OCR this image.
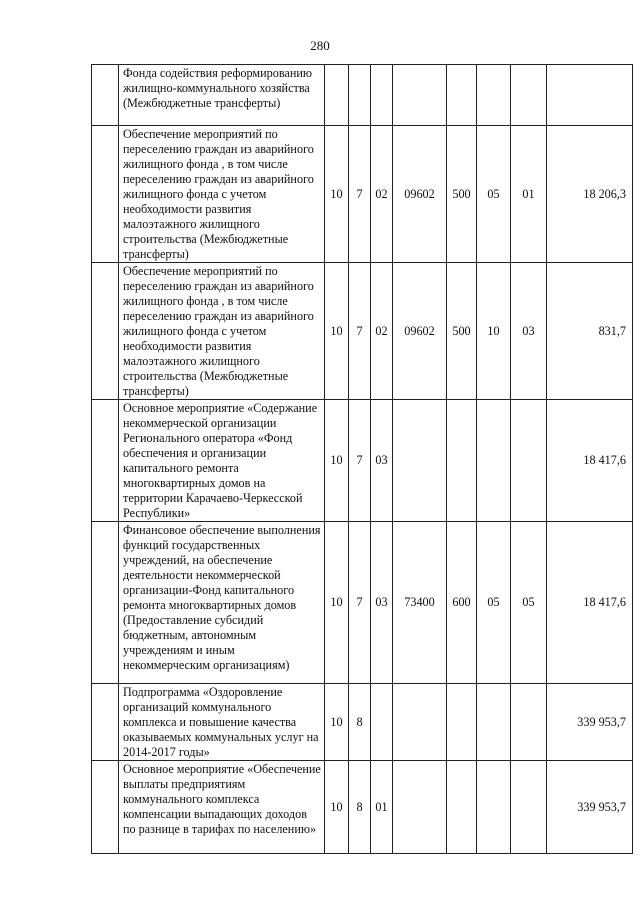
280
	Фонда содействия реформированию жилищно-коммунального хозяйства (Межбюджетные трансферты)								
	Обеспечение мероприятий по переселению граждан из аварийного жилищного фонда , в том числе переселению граждан из аварийного жилищного фонда с учетом необходимости развития малоэтажного жилищного строительства (Межбюджетные трансферты)	10	7	02	09602	500	05	01	18 206,3
	Обеспечение мероприятий по переселению граждан из аварийного жилищного фонда , в том числе переселению граждан из аварийного жилищного фонда с учетом необходимости развития малоэтажного жилищного строительства (Межбюджетные трансферты)	10	7	02	09602	500	10	03	831,7
	Основное мероприятие «Содержание некоммерческой организации Регионального оператора «Фонд обеспечения и организации капитального ремонта многоквартирных домов на территории Карачаево-Черкесской Республики»	10	7	03					18 417,6
	Финансовое обеспечение выполнения функций государственных учреждений, на обеспечение деятельности некоммерческой организации-Фонд капитального ремонта многоквартирных домов (Предоставление субсидий бюджетным, автономным учреждениям и иным некоммерческим организациям)	10	7	03	73400	600	05	05	18 417,6
	Подпрограмма «Оздоровление организаций коммунального комплекса и повышение качества оказываемых коммунальных услуг на 2014-2017 годы»	10	8						339 953,7
	Основное мероприятие «Обеспечение выплаты предприятиям коммунального комплекса компенсации выпадающих доходов по разнице в тарифах по населению»	10	8	01					339 953,7
